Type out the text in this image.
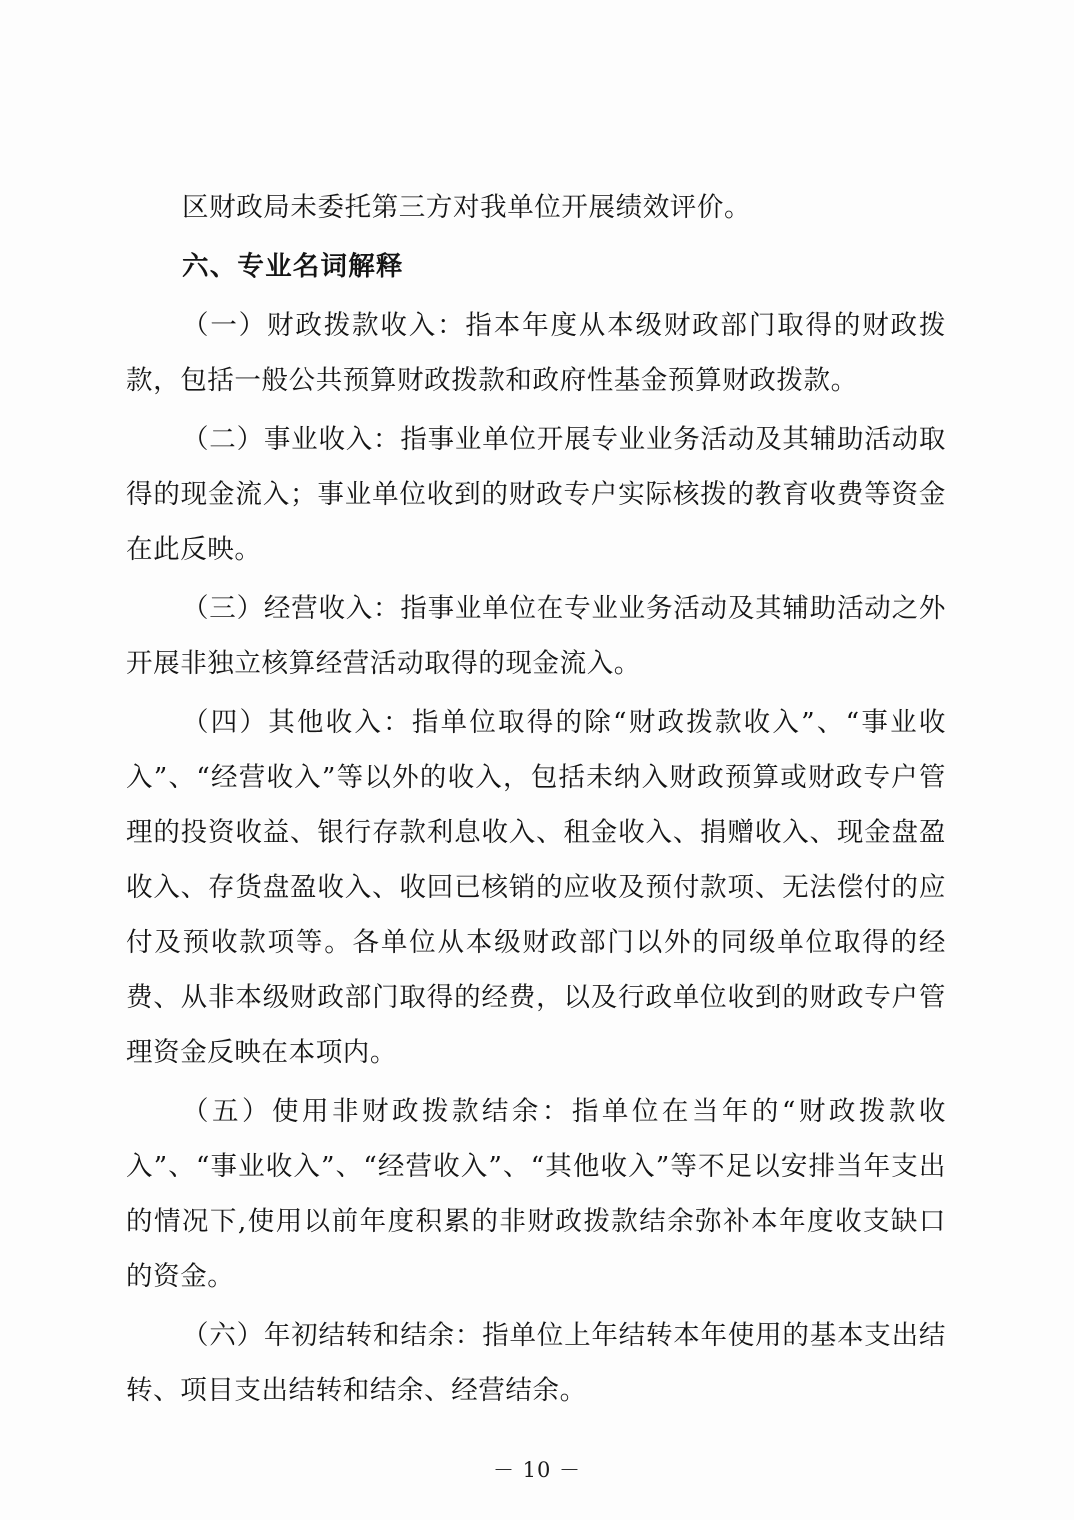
区财政局未委托第三方对我单位开展绩效评价。

六、专业名词解释

（一）财政拨款收入：指本年度从本级财政部门取得的财政拨款，包括一般公共预算财政拨款和政府性基金预算财政拨款。

（二）事业收入：指事业单位开展专业业务活动及其辅助活动取得的现金流入；事业单位收到的财政专户实际核拨的教育收费等资金在此反映。

（三）经营收入：指事业单位在专业业务活动及其辅助活动之外开展非独立核算经营活动取得的现金流入。

（四）其他收入：指单位取得的除“财政拨款收入”、“事业收入”、“经营收入”等以外的收入，包括未纳入财政预算或财政专户管理的投资收益、银行存款利息收入、租金收入、捐赠收入、现金盘盈收入、存货盘盈收入、收回已核销的应收及预付款项、无法偿付的应付及预收款项等。各单位从本级财政部门以外的同级单位取得的经费、从非本级财政部门取得的经费，以及行政单位收到的财政专户管理资金反映在本项内。

（五）使用非财政拨款结余：指单位在当年的“财政拨款收入”、“事业收入”、“经营收入”、“其他收入”等不足以安排当年支出的情况下,使用以前年度积累的非财政拨款结余弥补本年度收支缺口的资金。

（六）年初结转和结余：指单位上年结转本年使用的基本支出结转、项目支出结转和结余、经营结余。

－ 10 －
